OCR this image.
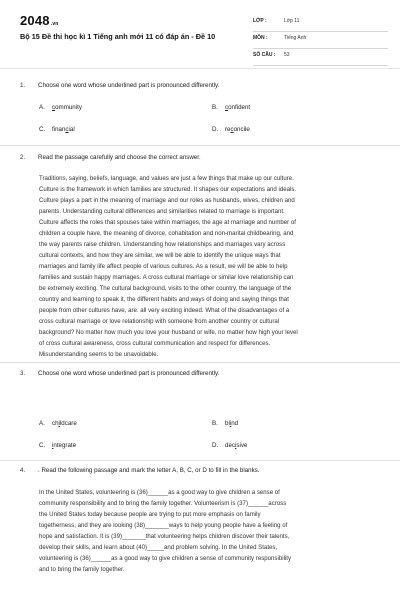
2048.vn
Bộ 15 Đề thi học kì 1 Tiếng anh mới 11 có đáp án - Đề 10
LỚP :	Lớp 11
MÔN :	Tiếng Anh
SỐ CÂU : 53
1. Choose one word whose underlined part is pronounced differently.
A. community	B. confident
C. financial	D. reconcile
2. Read the passage carefully and choose the correct answer.
Traditions, saying, beliefs, language, and values are just a few things that make up our culture.
Culture is the framework in which families are structured. It shapes our expectations and ideals.
Culture plays a part in the meaning of marriage and our roles as husbands, wives, children and
parents. Understanding cultural differences and similarities related to marriage is important.
Culture affects the roles that spouses take within marriages, the age at marriage and number of
children a couple have, the meaning of divorce, cohabitation and non-marital childbearing, and
the way parents raise children. Understanding how relationships and marriages vary across
cultural contexts, and how they are similar, we will be able to identify the unique ways that
marriages and family life affect people of various cultures. As a result, we will be able to help
families and sustain happy marriages. A cross cultural marriage or similar love relationship can
be extremely exciting. The cultural background, visits to the other country, the language of the
country and learning to speak it, the different habits and ways of doing and saying things that
people from other cultures have, are. all very exciting indeed. What of the disadvantages of a
cross cultural marriage or love relationship with someone from another country or cultural
background? No matter how much you love your husband or wife, no matter how high your level
of cross cultural awareness, cross cultural communication and respect for differences.
Misunderstanding seems to be unavoidable.
3. Choose one word whose underlined part is pronounced differently.
A. childcare	B. blind
C. integrate	D. decisive
4. . Read the following passage and mark the letter A, B, C, or D to fill in the blanks.
In the United States, volunteering is (36)______as a good way to give children a sense of
community responsibility and to bring the family together. Volunteerism is (37)______across
the United States today because people are trying to put more emphasis on family
togetherness, and they are looking (38)_______ways to help young people have a feeling of
hope and satisfaction. It is (39)_______that volunteering helps children discover their talents,
develop their skills, and learn about (40)_____and problem solving. In the United States,
volunteering is (36)______as a good way to give children a sense of community responsibility
and to bring the family together.
